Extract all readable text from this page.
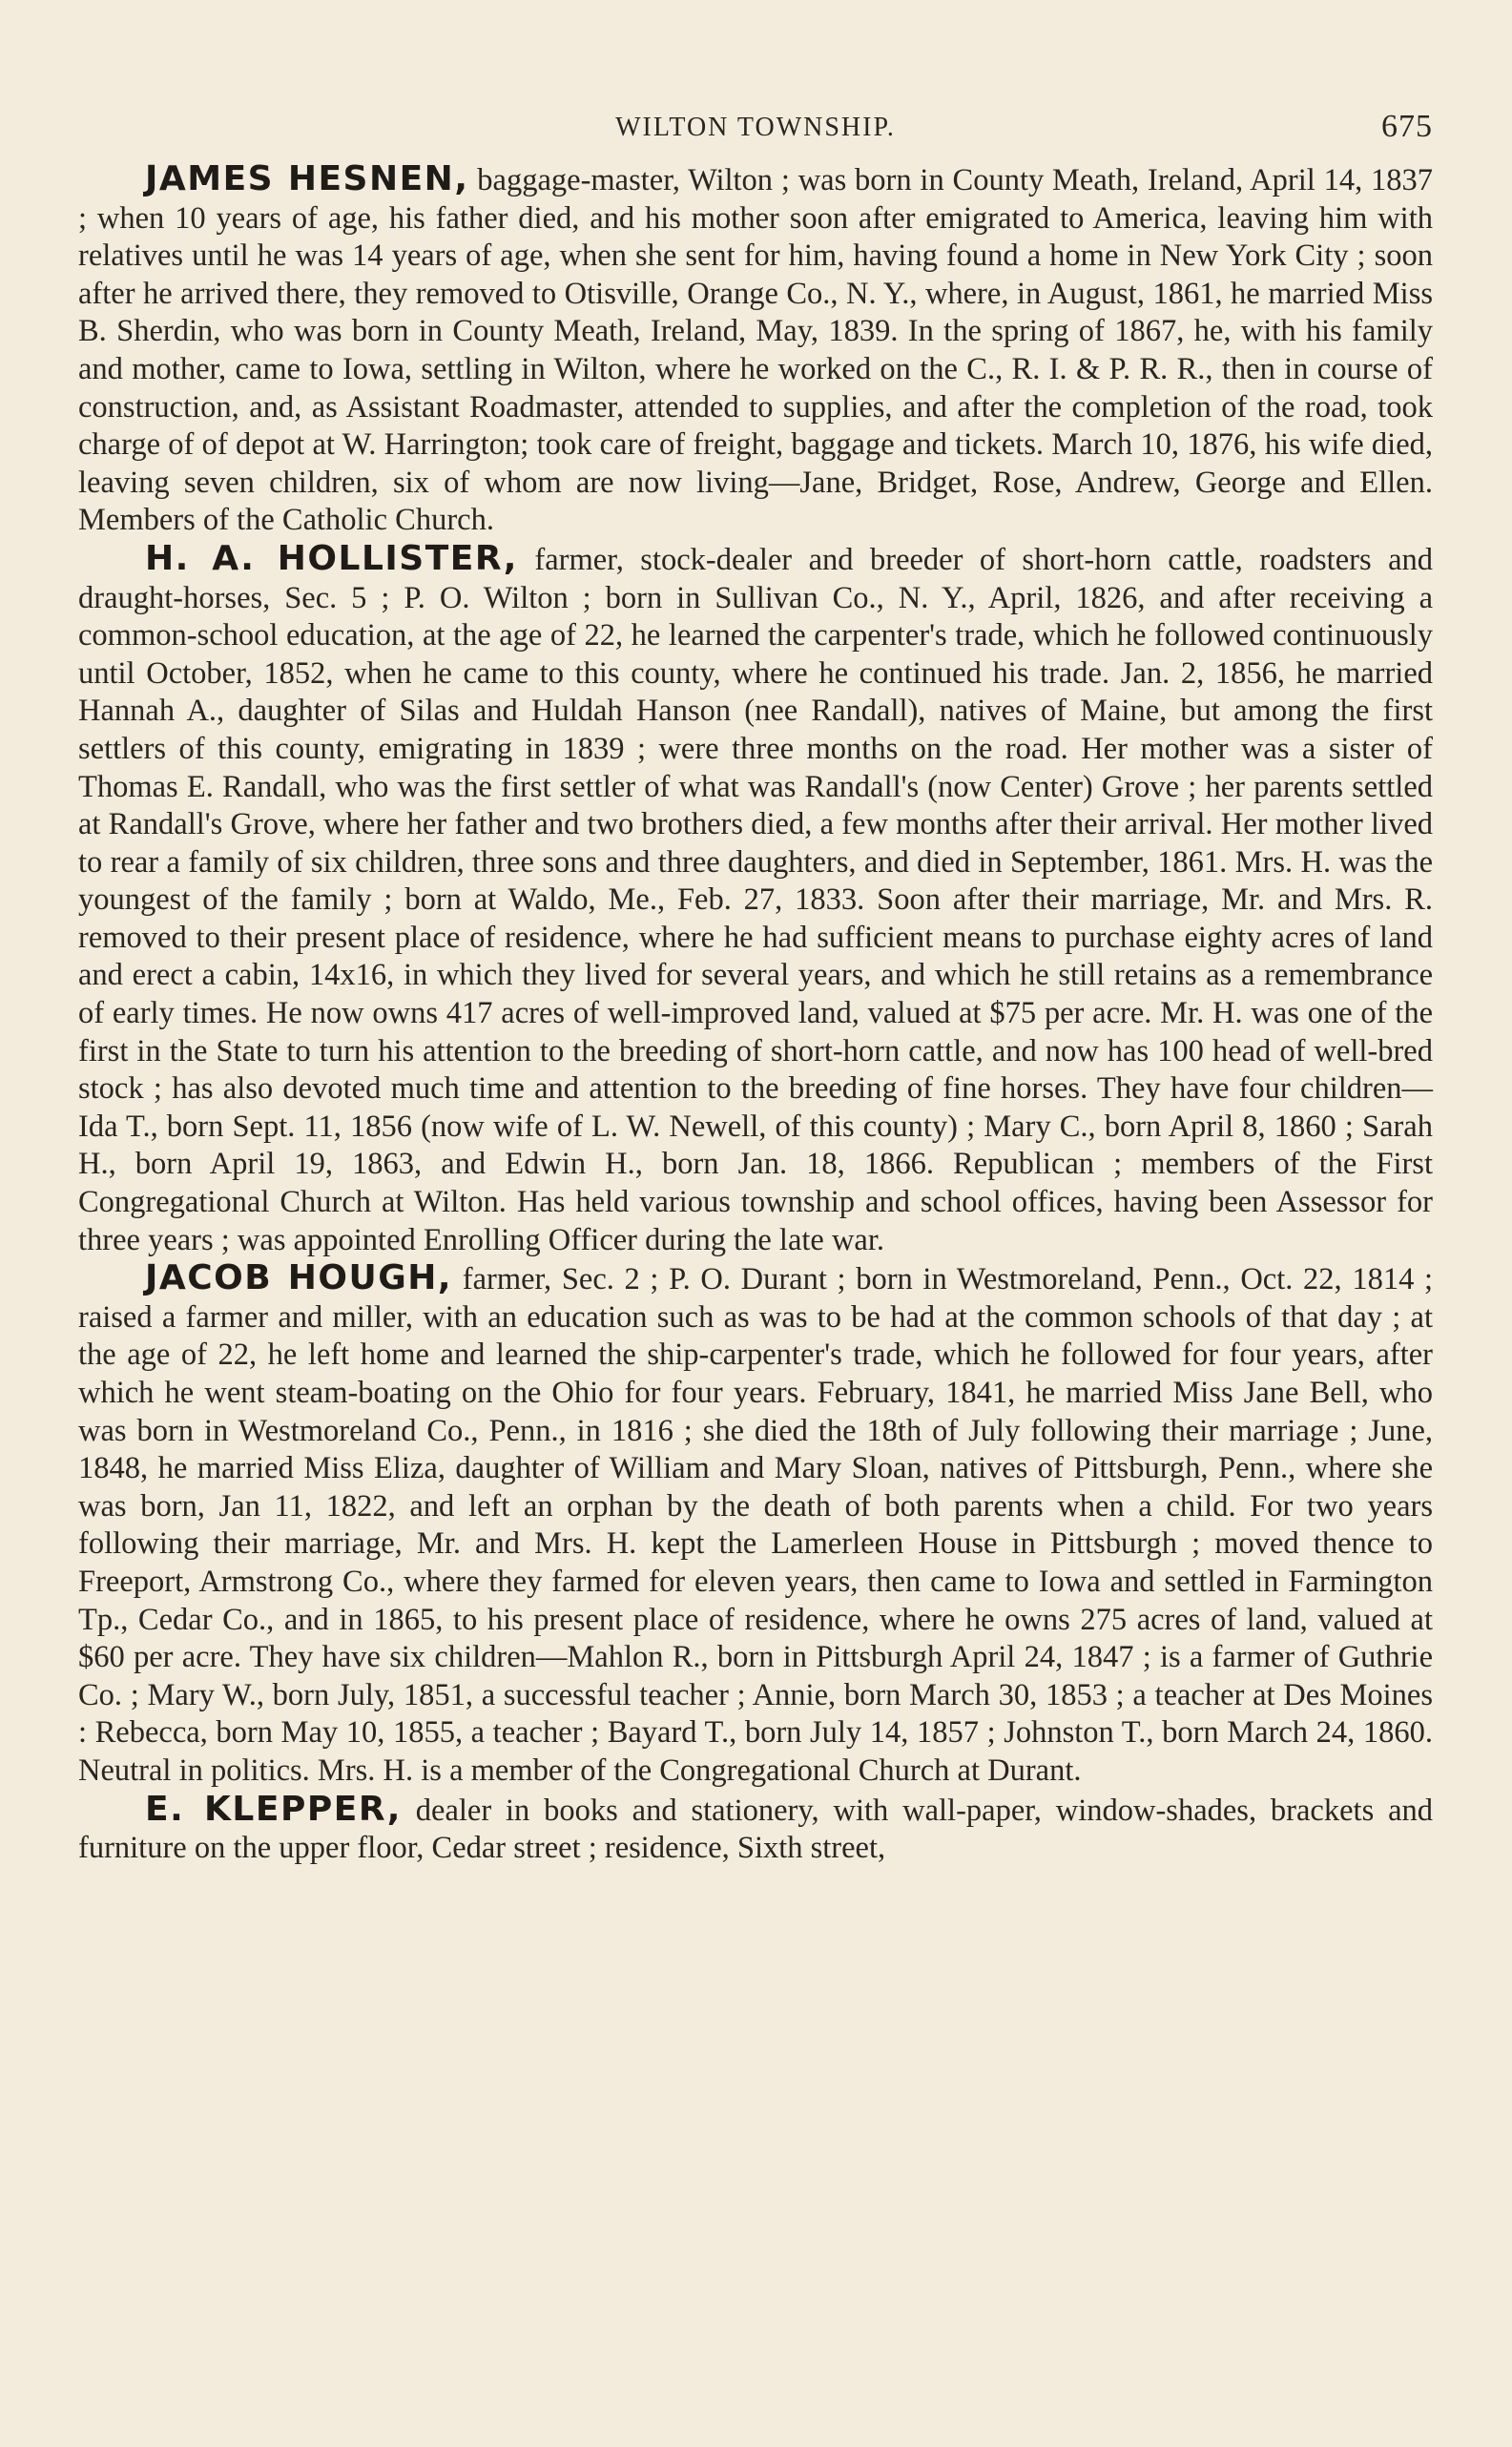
WILTON TOWNSHIP.	675

JAMES HESNEN, baggage-master, Wilton ; was born in County Meath, Ireland, April 14, 1837 ; when 10 years of age, his father died, and his mother soon after emigrated to America, leaving him with relatives until he was 14 years of age, when she sent for him, having found a home in New York City ; soon after he arrived there, they removed to Otisville, Orange Co., N. Y., where, in August, 1861, he married Miss B. Sherdin, who was born in County Meath, Ireland, May, 1839. In the spring of 1867, he, with his family and mother, came to Iowa, settling in Wilton, where he worked on the C., R. I. & P. R. R., then in course of construction, and, as Assistant Roadmaster, attended to supplies, and after the completion of the road, took charge of of depot at W. Harrington; took care of freight, baggage and tickets. March 10, 1876, his wife died, leaving seven children, six of whom are now living—Jane, Bridget, Rose, Andrew, George and Ellen. Members of the Catholic Church.

H. A. HOLLISTER, farmer, stock-dealer and breeder of short-horn cattle, roadsters and draught-horses, Sec. 5 ; P. O. Wilton ; born in Sullivan Co., N. Y., April, 1826, and after receiving a common-school education, at the age of 22, he learned the carpenter's trade, which he followed continuously until October, 1852, when he came to this county, where he continued his trade. Jan. 2, 1856, he married Hannah A., daughter of Silas and Huldah Hanson (nee Randall), natives of Maine, but among the first settlers of this county, emigrating in 1839 ; were three months on the road. Her mother was a sister of Thomas E. Randall, who was the first settler of what was Randall's (now Center) Grove ; her parents settled at Randall's Grove, where her father and two brothers died, a few months after their arrival. Her mother lived to rear a family of six children, three sons and three daughters, and died in September, 1861. Mrs. H. was the youngest of the family ; born at Waldo, Me., Feb. 27, 1833. Soon after their marriage, Mr. and Mrs. R. removed to their present place of residence, where he had sufficient means to purchase eighty acres of land and erect a cabin, 14x16, in which they lived for several years, and which he still retains as a remembrance of early times. He now owns 417 acres of well-improved land, valued at $75 per acre. Mr. H. was one of the first in the State to turn his attention to the breeding of short-horn cattle, and now has 100 head of well-bred stock ; has also devoted much time and attention to the breeding of fine horses. They have four children—Ida T., born Sept. 11, 1856 (now wife of L. W. Newell, of this county) ; Mary C., born April 8, 1860 ; Sarah H., born April 19, 1863, and Edwin H., born Jan. 18, 1866. Republican ; members of the First Congregational Church at Wilton. Has held various township and school offices, having been Assessor for three years ; was appointed Enrolling Officer during the late war.

JACOB HOUGH, farmer, Sec. 2 ; P. O. Durant ; born in Westmoreland, Penn., Oct. 22, 1814 ; raised a farmer and miller, with an education such as was to be had at the common schools of that day ; at the age of 22, he left home and learned the ship-carpenter's trade, which he followed for four years, after which he went steam-boating on the Ohio for four years. February, 1841, he married Miss Jane Bell, who was born in Westmoreland Co., Penn., in 1816 ; she died the 18th of July following their marriage ; June, 1848, he married Miss Eliza, daughter of William and Mary Sloan, natives of Pittsburgh, Penn., where she was born, Jan 11, 1822, and left an orphan by the death of both parents when a child. For two years following their marriage, Mr. and Mrs. H. kept the Lamerleen House in Pittsburgh ; moved thence to Freeport, Armstrong Co., where they farmed for eleven years, then came to Iowa and settled in Farmington Tp., Cedar Co., and in 1865, to his present place of residence, where he owns 275 acres of land, valued at $60 per acre. They have six children—Mahlon R., born in Pittsburgh April 24, 1847 ; is a farmer of Guthrie Co. ; Mary W., born July, 1851, a successful teacher ; Annie, born March 30, 1853 ; a teacher at Des Moines : Rebecca, born May 10, 1855, a teacher ; Bayard T., born July 14, 1857 ; Johnston T., born March 24, 1860. Neutral in politics. Mrs. H. is a member of the Congregational Church at Durant.

E. KLEPPER, dealer in books and stationery, with wall-paper, window-shades, brackets and furniture on the upper floor, Cedar street ; residence, Sixth street,
